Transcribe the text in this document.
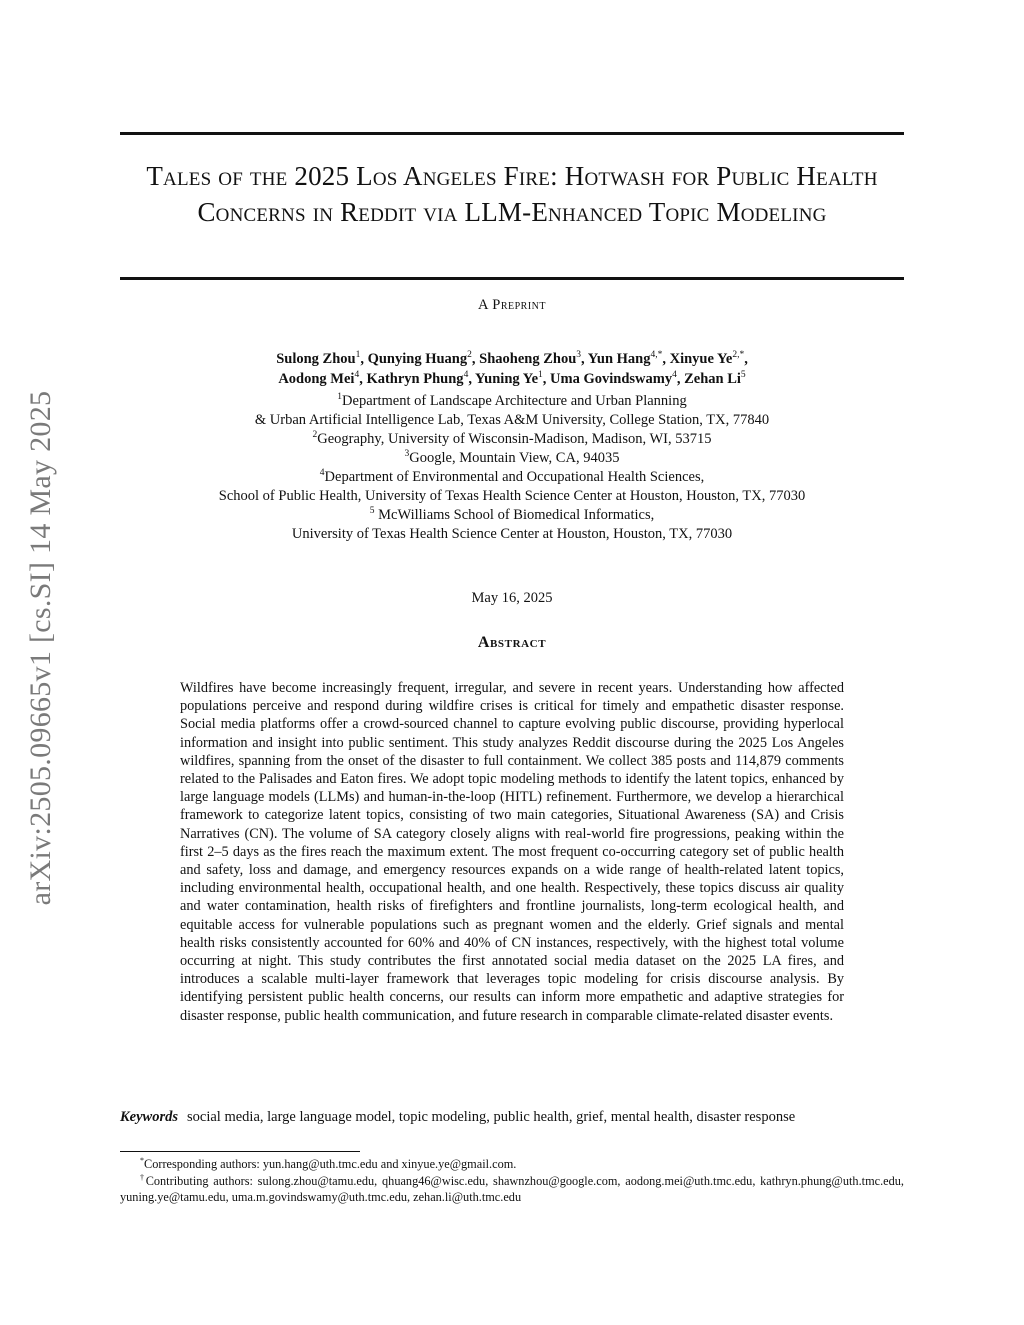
arXiv:2505.09665v1 [cs.SI] 14 May 2025
Tales of the 2025 Los Angeles Fire: Hotwash for Public Health Concerns in Reddit via LLM-Enhanced Topic Modeling
A Preprint
Sulong Zhou$^1$, Qunying Huang$^2$, Shaoheng Zhou$^3$, Yun Hang$^{4,*}$, Xinyue $Ye^{2,*}$,
Aodong Mei$^4$, Kathryn Phung$^4$, Yuning Ye$^1$, Uma Govindswamy$^4$, Zehan Li$^5$
$^1$Department of Landscape Architecture and Urban Planning
& Urban Artificial Intelligence Lab, Texas A&M University, College Station, TX, 77840
$^2$Geography, University of Wisconsin-Madison, Madison, WI, 53715
$^3$Google, Mountain View, CA, 94035
$^4$Department of Environmental and Occupational Health Sciences,
School of Public Health, University of Texas Health Science Center at Houston, Houston, TX, 77030
$^5$ McWilliams School of Biomedical Informatics,
University of Texas Health Science Center at Houston, Houston, TX, 77030
May 16, 2025
Abstract
Wildfires have become increasingly frequent, irregular, and severe in recent years. Understanding how affected populations perceive and respond during wildfire crises is critical for timely and empathetic disaster response. Social media platforms offer a crowd-sourced channel to capture evolving public discourse, providing hyperlocal information and insight into public sentiment. This study analyzes Reddit discourse during the 2025 Los Angeles wildfires, spanning from the onset of the disaster to full containment. We collect 385 posts and 114,879 comments related to the Palisades and Eaton fires. We adopt topic modeling methods to identify the latent topics, enhanced by large language models (LLMs) and human-in-the-loop (HITL) refinement. Furthermore, we develop a hierarchical framework to categorize latent topics, consisting of two main categories, Situational Awareness (SA) and Crisis Narratives (CN). The volume of SA category closely aligns with real-world fire progressions, peaking within the first 2–5 days as the fires reach the maximum extent. The most frequent co-occurring category set of public health and safety, loss and damage, and emergency resources expands on a wide range of health-related latent topics, including environmental health, occupational health, and one health. Respectively, these topics discuss air quality and water contamination, health risks of firefighters and frontline journalists, long-term ecological health, and equitable access for vulnerable populations such as pregnant women and the elderly. Grief signals and mental health risks consistently accounted for 60% and 40% of CN instances, respectively, with the highest total volume occurring at night. This study contributes the first annotated social media dataset on the 2025 LA fires, and introduces a scalable multi-layer framework that leverages topic modeling for crisis discourse analysis. By identifying persistent public health concerns, our results can inform more empathetic and adaptive strategies for disaster response, public health communication, and future research in comparable climate-related disaster events.
Keywords social media, large language model, topic modeling, public health, grief, mental health, disaster response

*Corresponding authors: yun.hang@uth.tmc.edu and xinyue.ye@gmail.com.

†Contributing authors: sulong.zhou@tamu.edu, qhuang46@wisc.edu, shawnzhou@google.com, aodong.mei@uth.tmc.edu, kathryn.phung@uth.tmc.edu, yuning.ye@tamu.edu, uma.m.govindswamy@uth.tmc.edu, zehan.li@uth.tmc.edu
